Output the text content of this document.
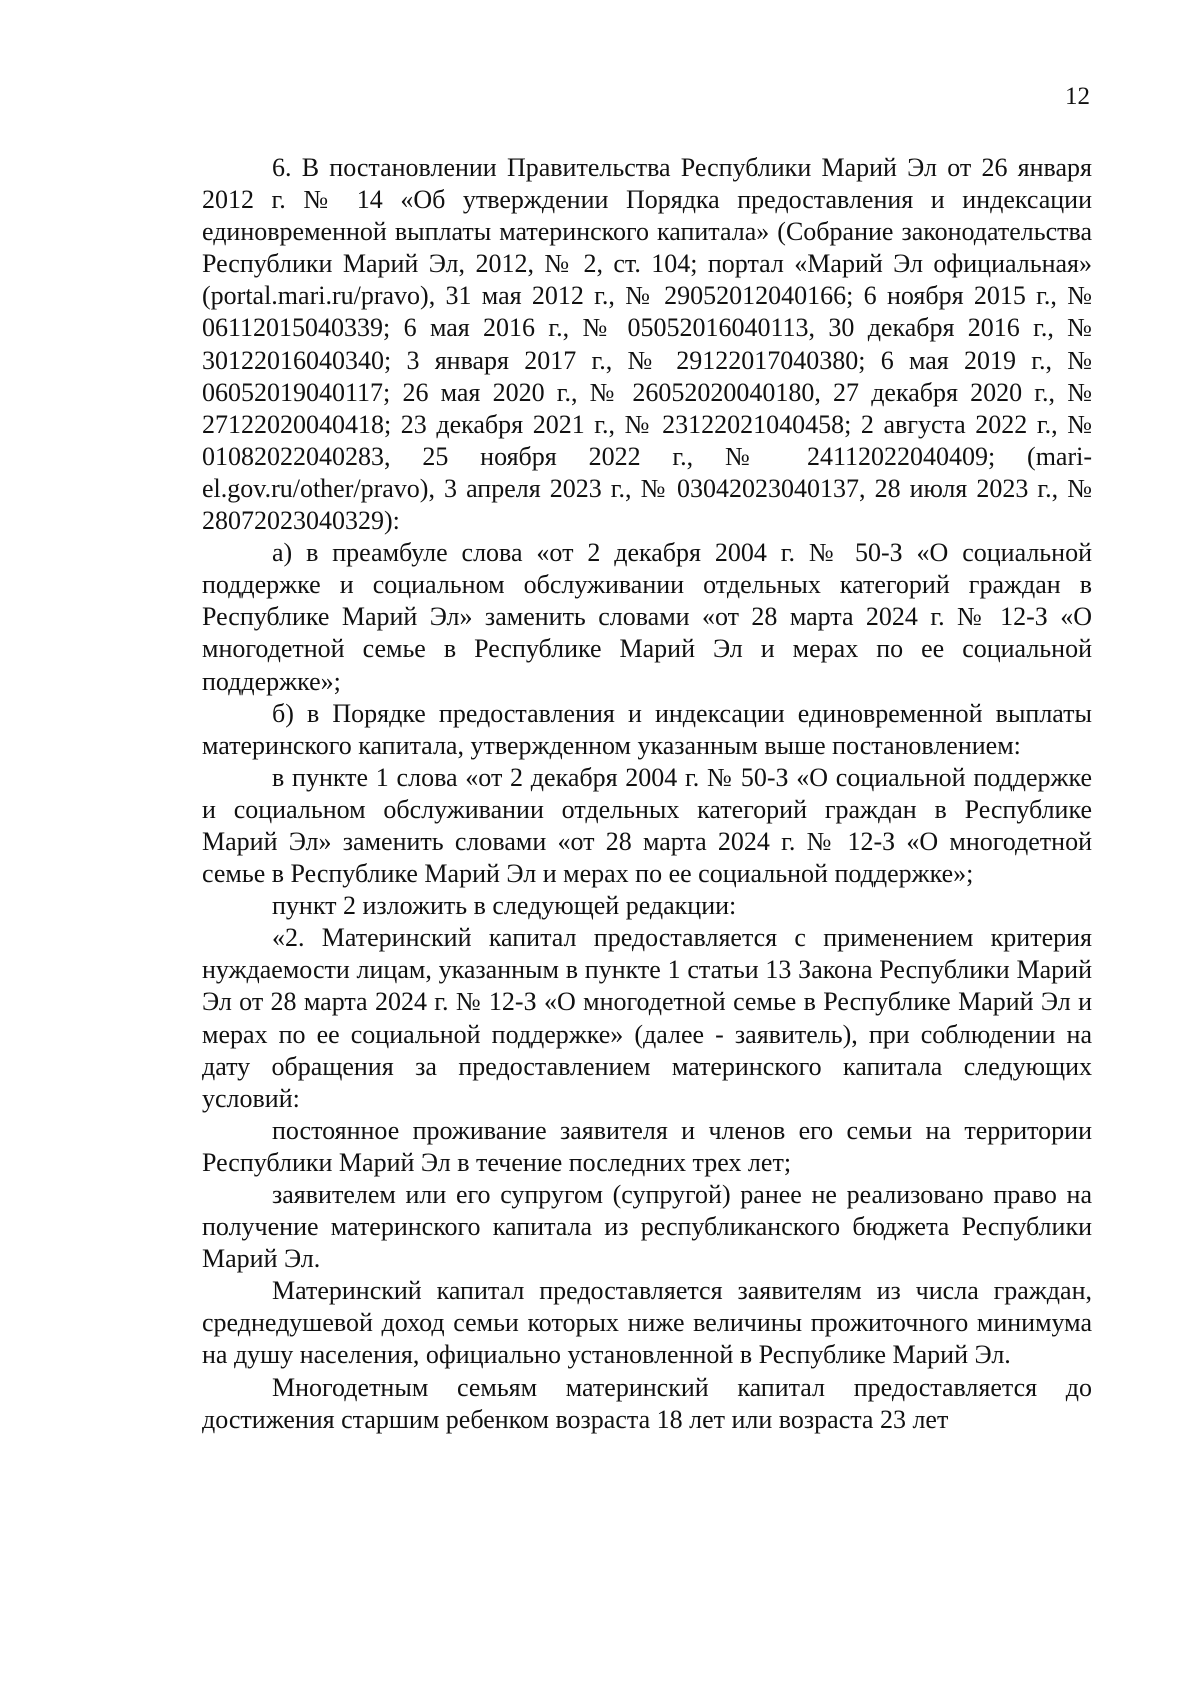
12

6. В постановлении Правительства Республики Марий Эл от 26 января 2012 г. № 14 «Об утверждении Порядка предоставления и индексации единовременной выплаты материнского капитала» (Собрание законодательства Республики Марий Эл, 2012, № 2, ст. 104; портал «Марий Эл официальная» (portal.mari.ru/pravo), 31 мая 2012 г., № 29052012040166; 6 ноября 2015 г., № 06112015040339; 6 мая 2016 г., № 05052016040113, 30 декабря 2016 г., № 30122016040340; 3 января 2017 г., № 29122017040380; 6 мая 2019 г., № 06052019040117; 26 мая 2020 г., № 26052020040180, 27 декабря 2020 г., № 27122020040418; 23 декабря 2021 г., № 23122021040458; 2 августа 2022 г., № 01082022040283, 25 ноября 2022 г., № 24112022040409; (mari-el.gov.ru/other/pravo), 3 апреля 2023 г., № 03042023040137, 28 июля 2023 г., № 28072023040329):

а) в преамбуле слова «от 2 декабря 2004 г. № 50-З «О социальной поддержке и социальном обслуживании отдельных категорий граждан в Республике Марий Эл» заменить словами «от 28 марта 2024 г. № 12-З «О многодетной семье в Республике Марий Эл и мерах по ее социальной поддержке»;

б) в Порядке предоставления и индексации единовременной выплаты материнского капитала, утвержденном указанным выше постановлением:

в пункте 1 слова «от 2 декабря 2004 г. № 50-З «О социальной поддержке и социальном обслуживании отдельных категорий граждан в Республике Марий Эл» заменить словами «от 28 марта 2024 г. № 12-З «О многодетной семье в Республике Марий Эл и мерах по ее социальной поддержке»;

пункт 2 изложить в следующей редакции:

«2. Материнский капитал предоставляется с применением критерия нуждаемости лицам, указанным в пункте 1 статьи 13 Закона Республики Марий Эл от 28 марта 2024 г. № 12-З «О многодетной семье в Республике Марий Эл и мерах по ее социальной поддержке» (далее - заявитель), при соблюдении на дату обращения за предоставлением материнского капитала следующих условий:

постоянное проживание заявителя и членов его семьи на территории Республики Марий Эл в течение последних трех лет;

заявителем или его супругом (супругой) ранее не реализовано право на получение материнского капитала из республиканского бюджета Республики Марий Эл.

Материнский капитал предоставляется заявителям из числа граждан, среднедушевой доход семьи которых ниже величины прожиточного минимума на душу населения, официально установленной в Республике Марий Эл.

Многодетным семьям материнский капитал предоставляется до достижения старшим ребенком возраста 18 лет или возраста 23 лет
